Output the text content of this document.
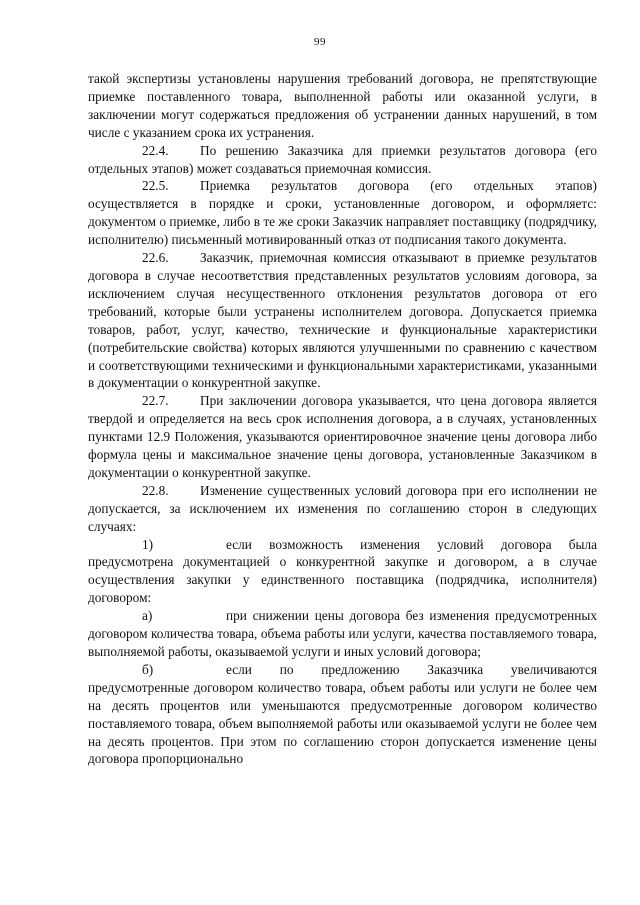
99

такой экспертизы установлены нарушения требований договора, не препятствующие приемке поставленного товара, выполненной работы или оказанной услуги, в заключении могут содержаться предложения об устранении данных нарушений, в том числе с указанием срока их устранения.

22.4. По решению Заказчика для приемки результатов договора (его отдельных этапов) может создаваться приемочная комиссия.

22.5. Приемка результатов договора (его отдельных этапов) осуществляется в порядке и сроки, установленные договором, и оформляетс: документом о приемке, либо в те же сроки Заказчик направляет поставщику (подрядчику, исполнителю) письменный мотивированный отказ от подписания такого документа.

22.6. Заказчик, приемочная комиссия отказывают в приемке результатов договора в случае несоответствия представленных результатов условиям договора, за исключением случая несущественного отклонения результатов договора от его требований, которые были устранены исполнителем договора. Допускается приемка товаров, работ, услуг, качество, технические и функциональные характеристики (потребительские свойства) которых являются улучшенными по сравнению с качеством и соответствующими техническими и функциональными характеристиками, указанными в документации о конкурентной закупке.

22.7. При заключении договора указывается, что цена договора является твердой и определяется на весь срок исполнения договора, а в случаях, установленных пунктами 12.9 Положения, указываются ориентировочное значение цены договора либо формула цены и максимальное значение цены договора, установленные Заказчиком в документации о конкурентной закупке.

22.8. Изменение существенных условий договора при его исполнении не допускается, за исключением их изменения по соглашению сторон в следующих случаях:

1)	если возможность изменения условий договора была предусмотрена документацией о конкурентной закупке и договором, а в случае осуществления закупки у единственного поставщика (подрядчика, исполнителя) договором:

а)	при снижении цены договора без изменения предусмотренных договором количества товара, объема работы или услуги, качества поставляемого товара, выполняемой работы, оказываемой услуги и иных условий договора;

б)	если по предложению Заказчика увеличиваются предусмотренные договором количество товара, объем работы или услуги не более чем на десять процентов или уменьшаются предусмотренные договором количество поставляемого товара, объем выполняемой работы или оказываемой услуги не более чем на десять процентов. При этом по соглашению сторон допускается изменение цены договора пропорционально
